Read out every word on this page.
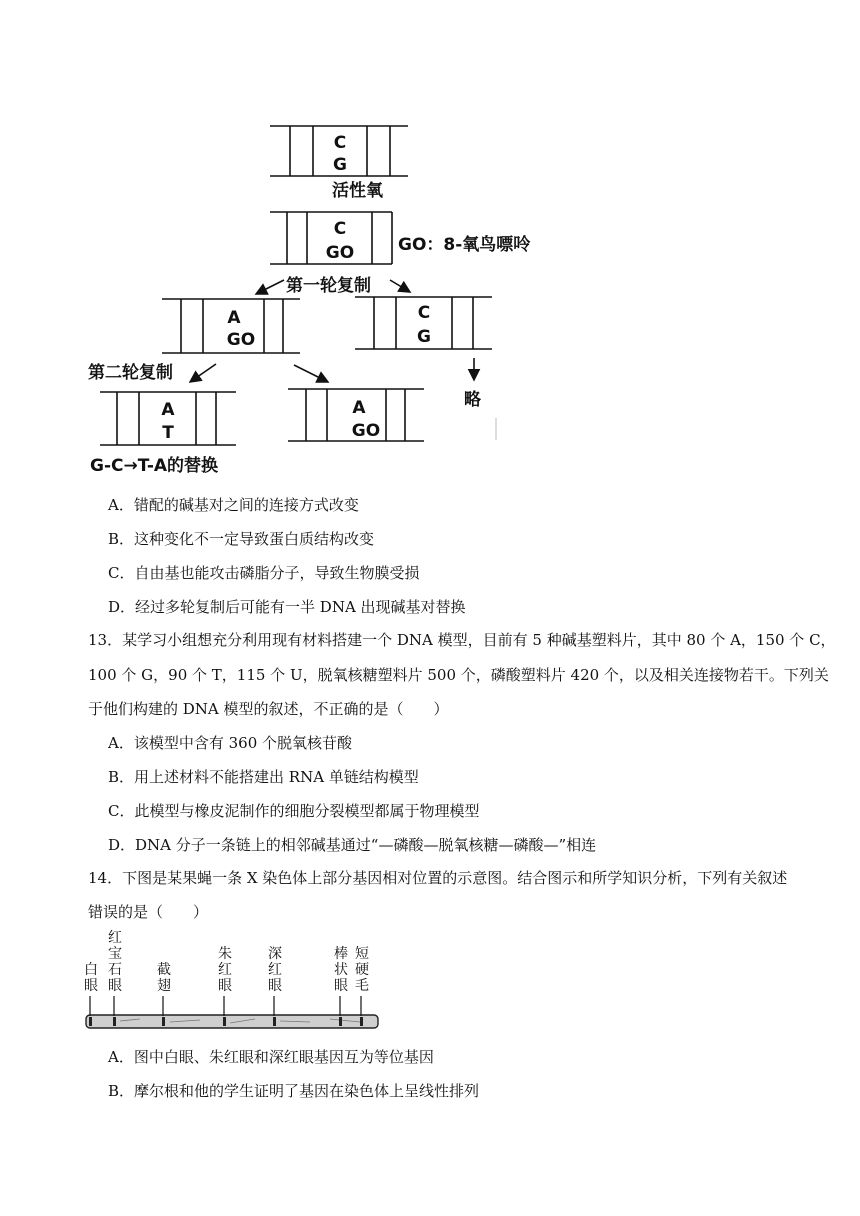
C
G
活性氧
C
GO	GO：8-氧鸟嘌呤
第一轮复制
A
GO
C
G
第二轮复制
略
A
T
A
GO
G-C→T-A的替换
A．错配的碱基对之间的连接方式改变
B．这种变化不一定导致蛋白质结构改变
C．自由基也能攻击磷脂分子，导致生物膜受损
D．经过多轮复制后可能有一半 DNA 出现碱基对替换
13．某学习小组想充分利用现有材料搭建一个 DNA 模型，目前有 5 种碱基塑料片，其中 80 个 A，150 个 C，
100 个 G，90 个 T，115 个 U，脱氧核糖塑料片 500 个，磷酸塑料片 420 个，以及相关连接物若干。下列关
于他们构建的 DNA 模型的叙述，不正确的是（　　）
A．该模型中含有 360 个脱氧核苷酸
B．用上述材料不能搭建出 RNA 单链结构模型
C．此模型与橡皮泥制作的细胞分裂模型都属于物理模型
D．DNA 分子一条链上的相邻碱基通过“—磷酸—脱氧核糖—磷酸—”相连
14．下图是某果蝇一条 X 染色体上部分基因相对位置的示意图。结合图示和所学知识分析，下列有关叙述
错误的是（　　）
白
眼
红
宝
石
眼
截
翅
朱
红
眼
深
红
眼
棒
状
眼
短
硬
毛
A．图中白眼、朱红眼和深红眼基因互为等位基因
B．摩尔根和他的学生证明了基因在染色体上呈线性排列
